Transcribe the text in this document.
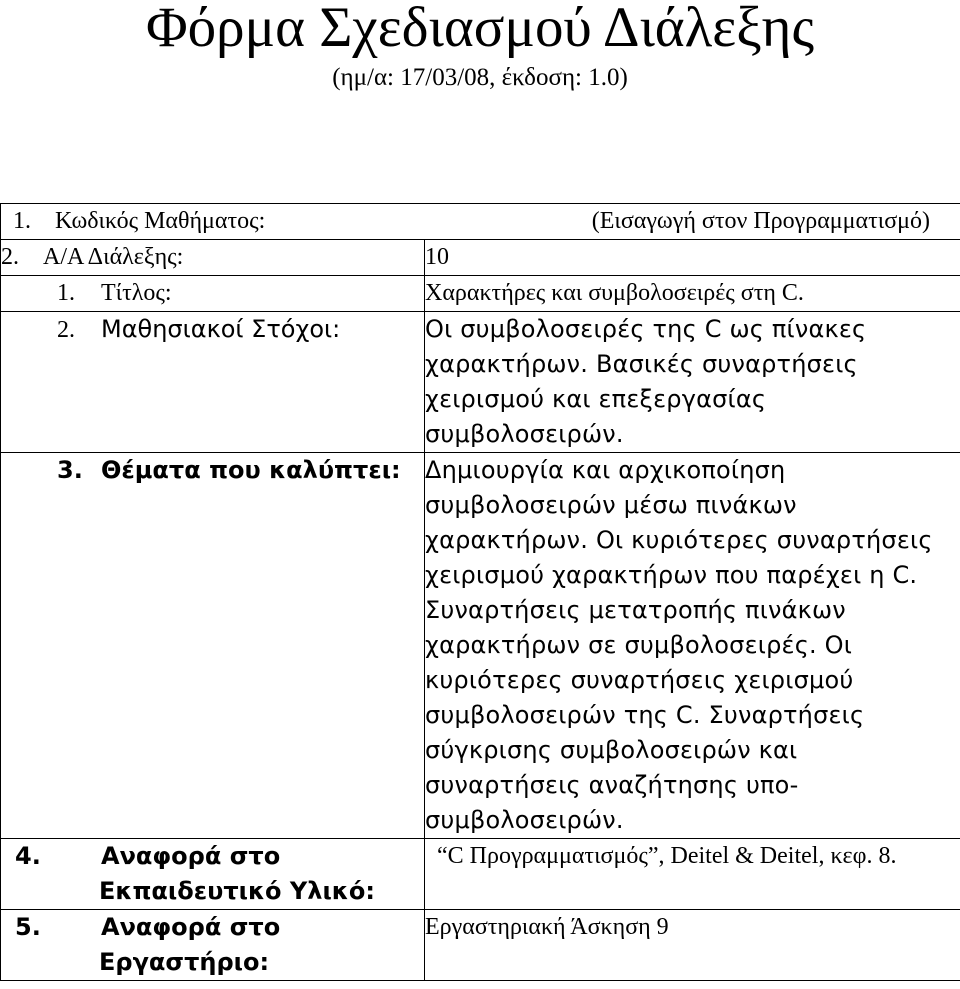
Φόρμα Σχεδιασμού Διάλεξης
(ημ/α: 17/03/08, έκδοση: 1.0)
1. Κωδικός Μαθήματος: (Εισαγωγή στον Προγραμματισμό)	

2. Α/Α Διάλεξης:	10
1. Τίτλος:	Χαρακτήρες και συμβολοσειρές στη C.
2. Μαθησιακοί Στόχοι:	Οι συμβολοσειρές της C ως πίνακες χαρακτήρων. Βασικές συναρτήσεις χειρισμού και επεξεργασίας συμβολοσειρών.
3. Θέματα που καλύπτει:	Δημιουργία και αρχικοποίηση συμβολοσειρών μέσω πινάκων χαρακτήρων. Οι κυριότερες συναρτήσεις χειρισμού χαρακτήρων που παρέχει η C. Συναρτήσεις μετατροπής πινάκων χαρακτήρων σε συμβολοσειρές. Οι κυριότερες συναρτήσεις χειρισμού συμβολοσειρών της C. Συναρτήσεις σύγκρισης συμβολοσειρών και συναρτήσεις αναζήτησης υπο-συμβολοσειρών.

4. Αναφορά στο Εκπαιδευτικό Υλικό:	“C Προγραμματισμός”, Deitel & Deitel, κεφ. 8.

5. Αναφορά στο Εργαστήριο:	Εργαστηριακή Άσκηση 9
